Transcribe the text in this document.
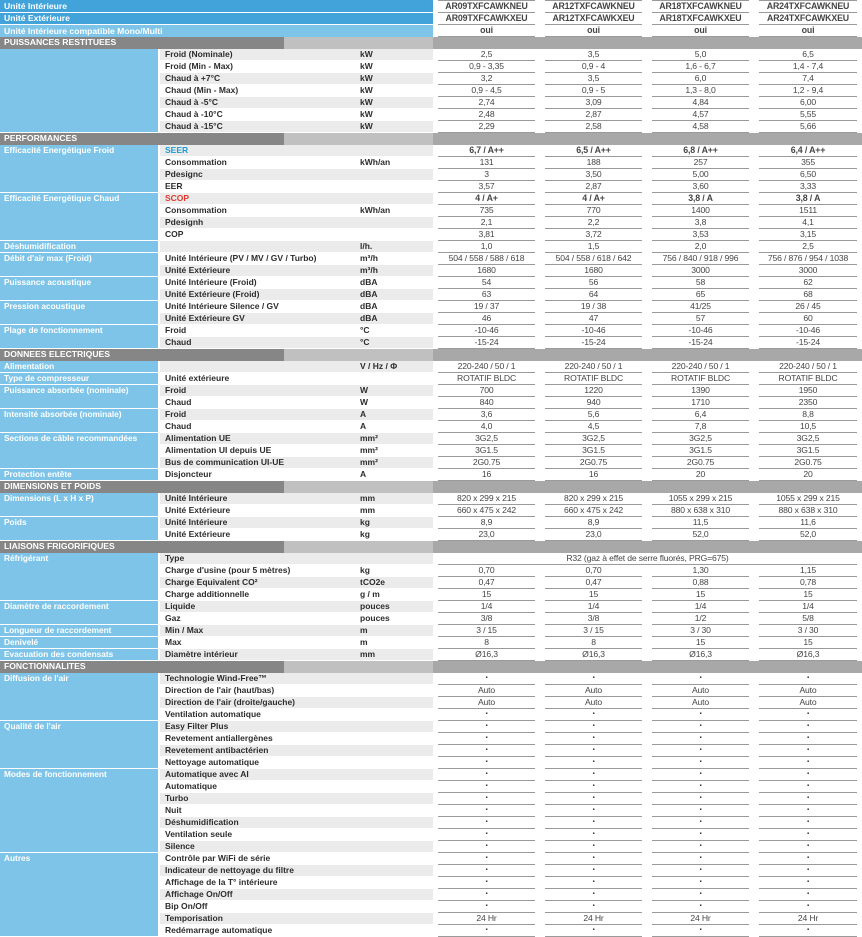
Unité Intérieure			AR09TXFCAWKNEU	AR12TXFCAWKNEU	AR18TXFCAWKNEU	AR24TXFCAWKNEU

Unité Extérieure			AR09TXFCAWKXEU	AR12TXFCAWKXEU	AR18TXFCAWKXEU	AR24TXFCAWKXEU

Unité Intérieure compatible Mono/Multi			oui	oui	oui	oui

PUISSANCES RESTITUEES						

	Froid (Nominale)	kW	2,5	3,5	5,0	6,5

	Froid (Min - Max)	kW	0,9 - 3,35	0,9 - 4	1,6 - 6,7	1,4 - 7,4

	Chaud à +7°C	kW	3,2	3,5	6,0	7,4

	Chaud (Min - Max)	kW	0,9 - 4,5	0,9 - 5	1,3 - 8,0	1,2 - 9,4

	Chaud à -5°C	kW	2,74	3,09	4,84	6,00

	Chaud à -10°C	kW	2,48	2,87	4,57	5,55

	Chaud à -15°C	kW	2,29	2,58	4,58	5,66

PERFORMANCES						

Efficacité Energétique Froid	SEER		6,7 / A++	6,5 / A++	6,8 / A++	6,4 / A++

	Consommation	kWh/an	131	188	257	355

	Pdesignc		3	3,50	5,00	6,50

	EER		3,57	2,87	3,60	3,33

Efficacité Energétique Chaud	SCOP		4 / A+	4 / A+	3,8 / A	3,8 / A

	Consommation	kWh/an	735	770	1400	1511

	Pdesignh		2,1	2,2	3,8	4,1

	COP		3,81	3,72	3,53	3,15

Déshumidification		l/h.	1,0	1,5	2,0	2,5

Débit d'air max (Froid)	Unité Intérieure (PV / MV / GV / Turbo)	m³/h	504 / 558 / 588 / 618	504 / 558 / 618 / 642	756 / 840 / 918 / 996	756 / 876 / 954 / 1038

	Unité Extérieure	m³/h	1680	1680	3000	3000

Puissance acoustique	Unité Intérieure (Froid)	dBA	54	56	58	62

	Unité Extérieure (Froid)	dBA	63	64	65	68

Pression acoustique	Unité Intérieure Silence / GV	dBA	19 / 37	19 / 38	41/25	26 / 45

	Unité Extérieure GV	dBA	46	47	57	60

Plage de fonctionnement	Froid	°C	-10-46	-10-46	-10-46	-10-46

	Chaud	°C	-15-24	-15-24	-15-24	-15-24

DONNEES ELECTRIQUES						

Alimentation		V / Hz / Φ	220-240 / 50 / 1	220-240 / 50 / 1	220-240 / 50 / 1	220-240 / 50 / 1

Type de compresseur	Unité extérieure		ROTATIF BLDC	ROTATIF BLDC	ROTATIF BLDC	ROTATIF BLDC

Puissance absorbée (nominale)	Froid	W	700	1220	1390	1950

	Chaud	W	840	940	1710	2350

Intensité absorbée (nominale)	Froid	A	3,6	5,6	6,4	8,8

	Chaud	A	4,0	4,5	7,8	10,5

Sections de câble recommandées	Alimentation UE	mm²	3G2,5	3G2,5	3G2,5	3G2,5

	Alimentation UI depuis UE	mm²	3G1.5	3G1.5	3G1.5	3G1.5

	Bus de communication UI-UE	mm²	2G0.75	2G0.75	2G0.75	2G0.75

Protection entête	Disjoncteur	A	16	16	20	20

DIMENSIONS ET POIDS						

Dimensions (L x H x P)	Unité Intérieure	mm	820 x 299 x 215	820 x 299 x 215	1055 x 299 x 215	1055 x 299 x 215

	Unité Extérieure	mm	660 x 475 x 242	660 x 475 x 242	880 x 638 x 310	880 x 638 x 310

Poids	Unité Intérieure	kg	8,9	8,9	11,5	11,6

	Unité Extérieure	kg	23,0	23,0	52,0	52,0

LIAISONS FRIGORIFIQUES						

Réfrigérant	Type		R32 (gaz à effet de serre fluorés, PRG=675)			

	Charge d'usine (pour 5 mètres)	kg	0,70	0,70	1,30	1,15

	Charge Equivalent CO²	tCO2e	0,47	0,47	0,88	0,78

	Charge additionnelle	g / m	15	15	15	15

Diamètre de raccordement	Liquide	pouces	1/4	1/4	1/4	1/4

	Gaz	pouces	3/8	3/8	1/2	5/8

Longueur de raccordement	Min / Max	m	3 / 15	3 / 15	3 / 30	3 / 30

Denivelé	Max	m	8	8	15	15

Evacuation des condensats	Diamètre intérieur	mm	Ø16,3	Ø16,3	Ø16,3	Ø16,3

FONCTIONNALITES						

Diffusion de l'air	Technologie Wind-Free™		▪	▪	▪	▪

	Direction de l'air (haut/bas)		Auto	Auto	Auto	Auto

	Direction de l'air (droite/gauche)		Auto	Auto	Auto	Auto

	Ventilation automatique		▪	▪	▪	▪

Qualité de l'air	Easy Filter Plus		▪	▪	▪	▪

	Revetement antiallergènes		▪	▪	▪	▪

	Revetement antibactérien		▪	▪	▪	▪

	Nettoyage automatique		▪	▪	▪	▪

Modes de fonctionnement	Automatique avec AI		▪	▪	▪	▪

	Automatique		▪	▪	▪	▪

	Turbo		▪	▪	▪	▪

	Nuit		▪	▪	▪	▪

	Déshumidification		▪	▪	▪	▪

	Ventilation seule		▪	▪	▪	▪

	Silence		▪	▪	▪	▪

Autres	Contrôle par WiFi de série		▪	▪	▪	▪

	Indicateur de nettoyage du filtre		▪	▪	▪	▪

	Affichage de la T° intérieure		▪	▪	▪	▪

	Affichage On/Off		▪	▪	▪	▪

	Bip On/Off		▪	▪	▪	▪

	Temporisation		24 Hr	24 Hr	24 Hr	24 Hr

	Redémarrage automatique		▪	▪	▪	▪
